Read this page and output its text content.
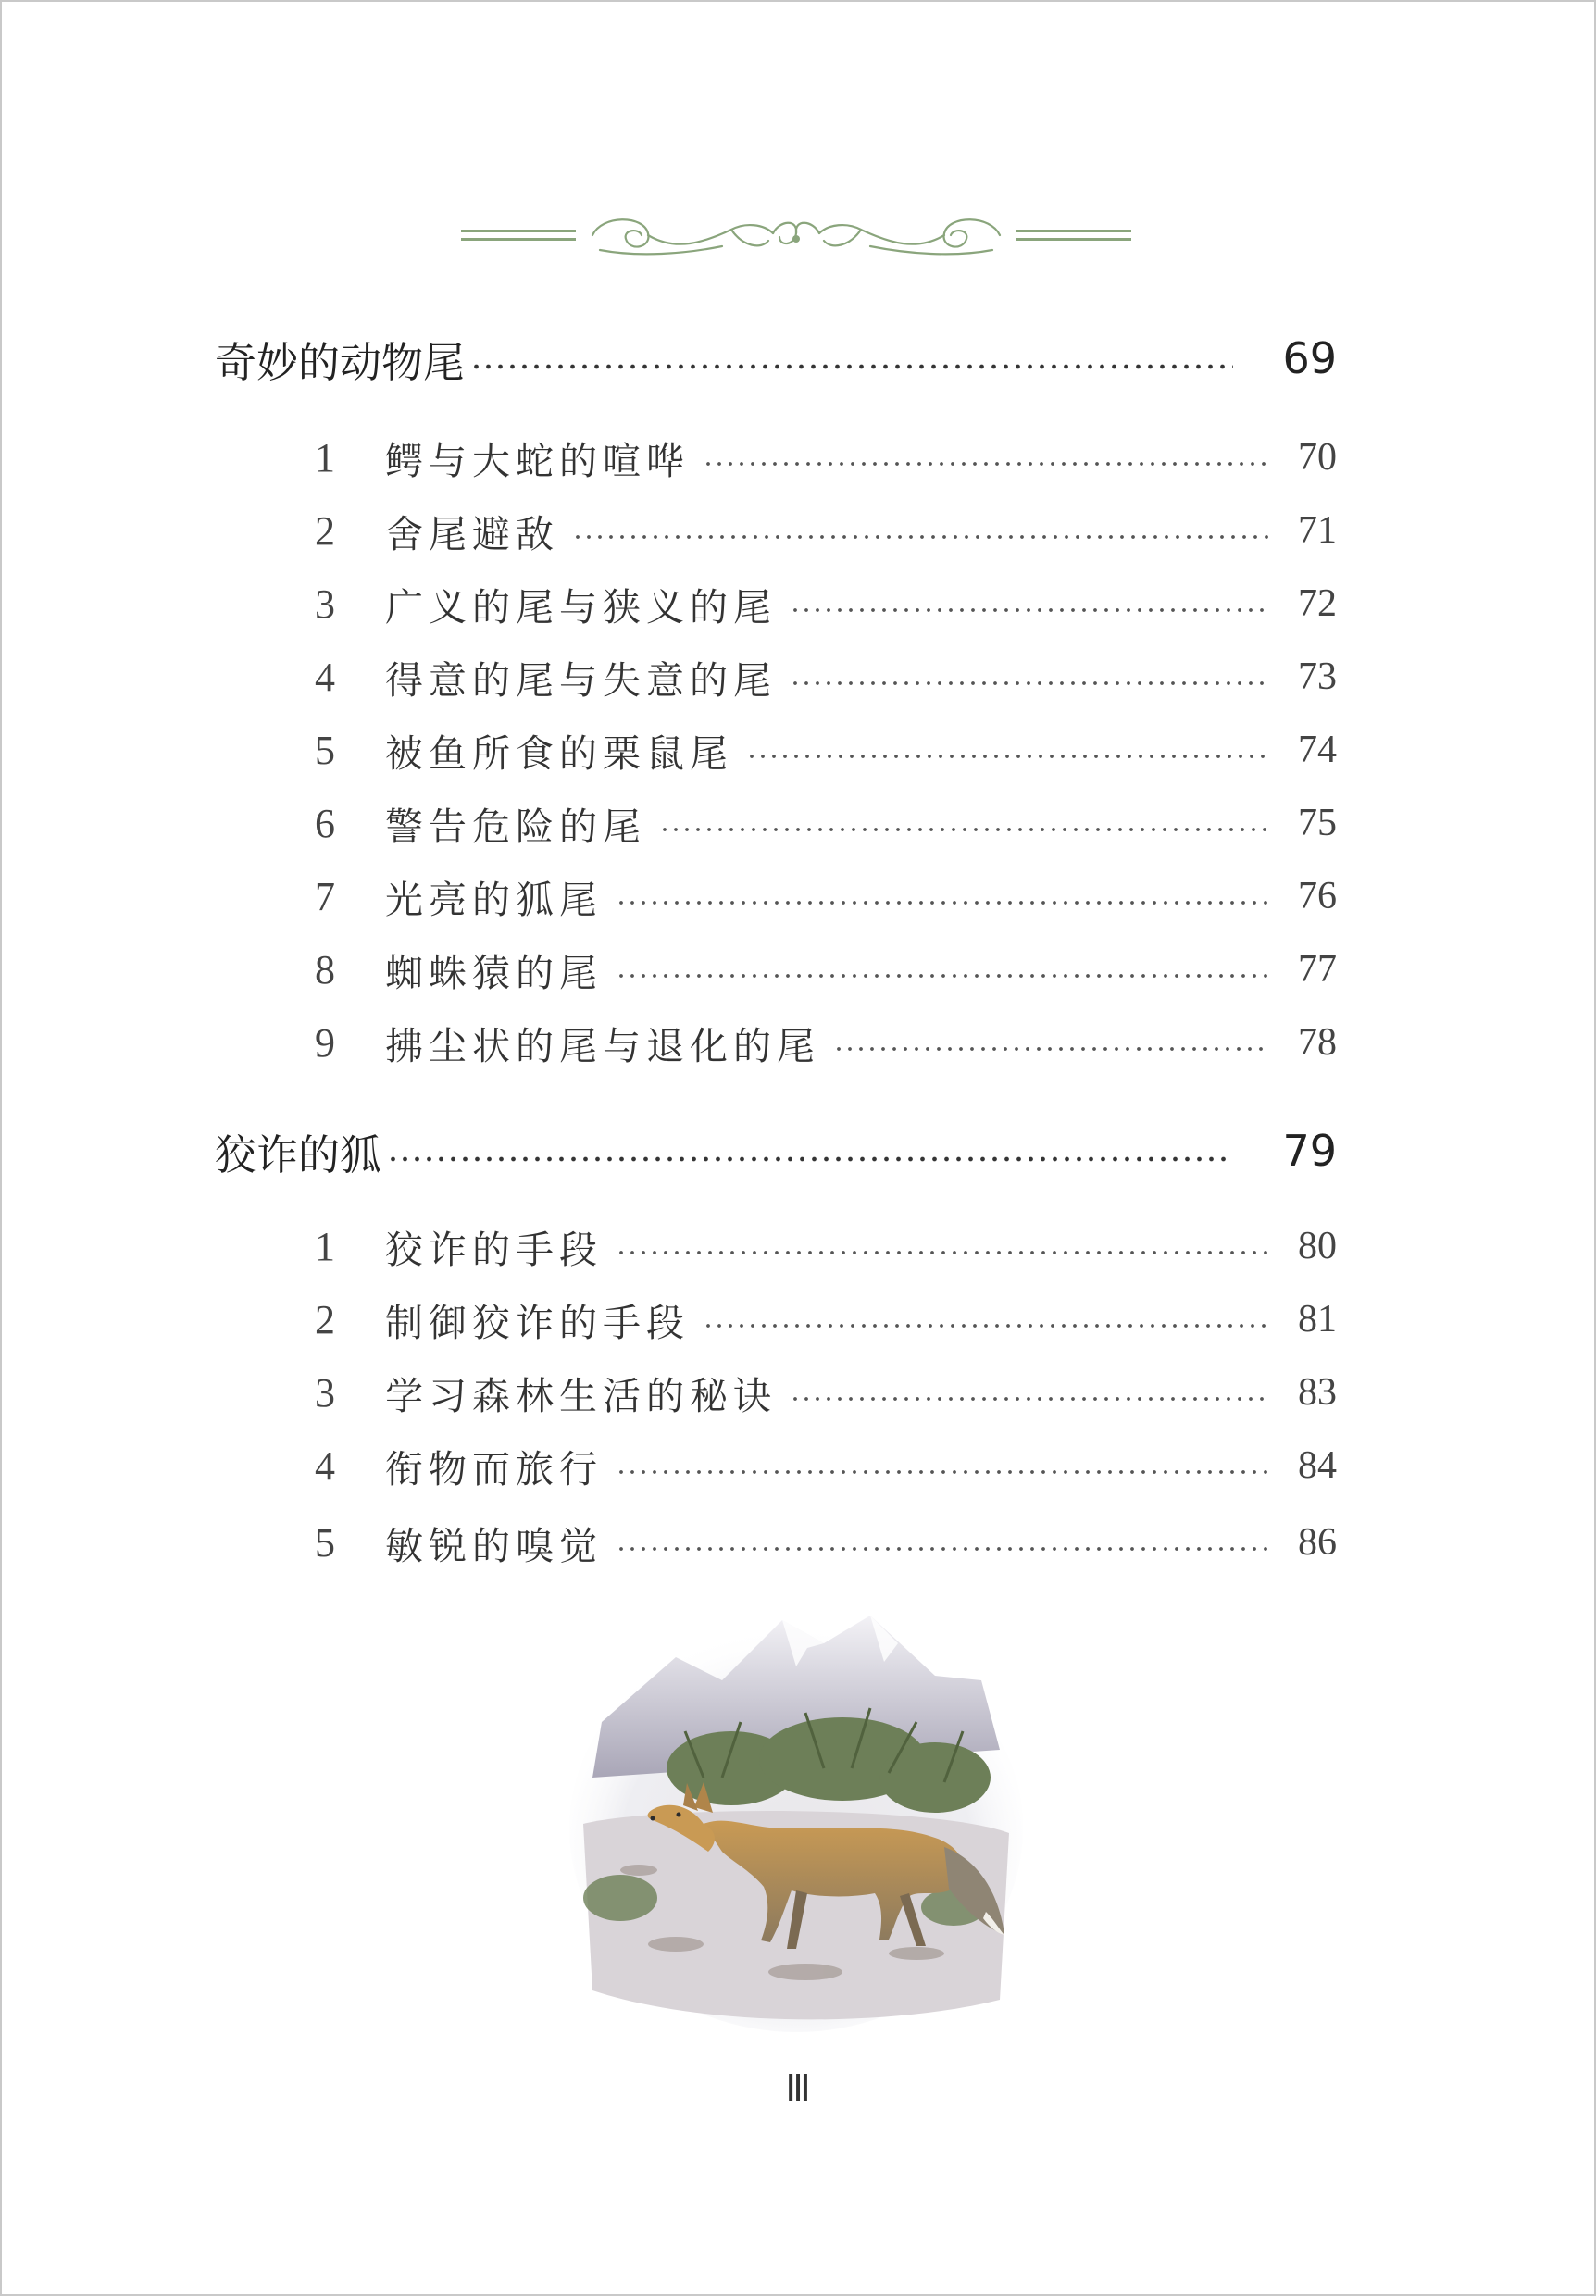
奇妙的动物尾	69
1	鳄与大蛇的喧哗	70
2	舍尾避敌	71
3	广义的尾与狭义的尾	72
4	得意的尾与失意的尾	73
5	被鱼所食的栗鼠尾	74
6	警告危险的尾	75
7	光亮的狐尾	76
8	蜘蛛猿的尾	77
9	拂尘状的尾与退化的尾	78
狡诈的狐	79
1	狡诈的手段	80
2	制御狡诈的手段	81
3	学习森林生活的秘诀	83
4	衔物而旅行	84
5	敏锐的嗅觉	86
Ⅲ
